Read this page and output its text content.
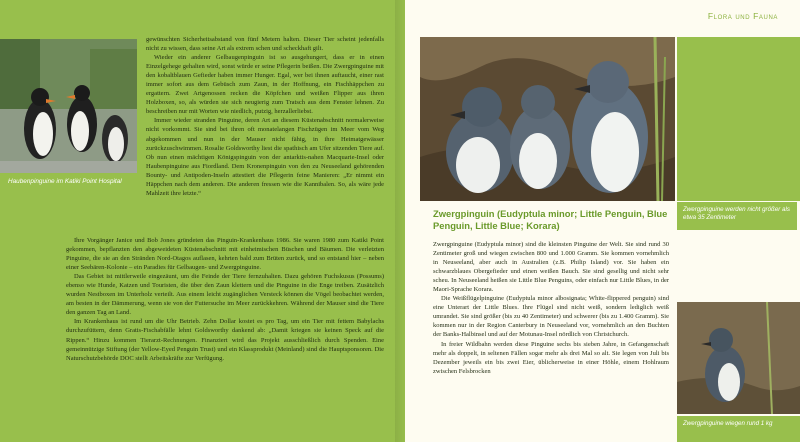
Haubenpinguine im Katiki Point Hospital

gewünschten Sicherheitsabstand von fünf Metern halten. Dieser Tier scheint jedenfalls nicht zu wissen, dass seine Art als extrem schen und scheckhaft gilt.

Wieder ein anderer Gelbaugenpinguin ist so ausgehungert, dass er in einen Einzelgehege gehalten wird, sonst würde er seine Pflegerin beißen. Die Zwergpinguine mit den kobaltblauen Gefieder haben immer Hunger. Egal, wer bei ihnen auftaucht, einer rast immer sofort aus dem Gebüsch zum Zaun, in der Hoffnung, ein Fischhäppchen zu ergattern. Zwei Artgenossen recken die Köpfchen und weißen Flipper aus ihren Holzboxen, so, als würden sie sich neugierig zum Tratsch aus dem Fenster lehnen. Zu beschreiben nur mit Worten wie niedlich, putzig, herzallerliebst.

Immer wieder stranden Pinguine, deren Art an diesem Küstenabschnitt normalerweise nicht vorkommt. Sie sind bei ihren oft monatelangen Fischzügen im Meer vom Weg abgekommen und nun in der Mauser nicht fähig, in ihre Heimatgewässer zurückzuschwimmen. Rosalie Goldsworthy liest die spathisch am Ufer sitzenden Tiere auf. Ob nun einen mächtigen Königspinguin von der antarktis-nahen Macquarie-Insel oder Haubenpinguine aus Fiordland. Dem Kronenpinguin von den zu Neuseeland gehörenden Bounty- und Antipoden-Inseln attestiert die Pflegerin feine Manieren: „Er nimmt ein Häppchen nach dem anderen. Die anderen fressen wie die Kannibalen. So, als wäre jede Mahlzeit ihre letzte.“

Ihre Vorgänger Janice und Bob Jones gründeten das Pinguin-Krankenhaus 1986. Sie waren 1980 zum Katiki Point gekommen, bepflanzten den abgeweideten Küstenabschnitt mit einheimischen Büschen und Bäumen. Die verletzten Pinguine, die sie an den Stränden Nord-Otagos auflasen, kehrten bald zum Brüten zurück, und so entstand hier – neben einer Seebären-Kolonie – ein Paradies für Gelbaugen- und Zwergpinguine.

Das Gebiet ist mittlerweile eingezäunt, um die Feinde der Tiere fernzuhalten. Dazu gehören Fuchskusus (Possums) ebenso wie Hunde, Katzen und Touristen, die über den Zaun klettern und die Pinguine in die Enge treiben. Zusätzlich wurden Nestboxen im Unterholz verteilt. Aus einem leicht zugänglichen Versteck können die Vögel beobachtet werden, am besten in der Dämmerung, wenn sie von der Futtersuche im Meer zurückkehren. Während der Mauser sind die Tiere den ganzen Tag an Land.

Im Krankenhaus ist rund um die Uhr Betrieb. Zehn Dollar kostet es pro Tag, um ein Tier mit fettem Babylachs durchzufüttern, denn Gratis-Fischabfälle lehnt Goldsworthy dankend ab: „Damit kriegen sie keinen Speck auf die Rippen.“ Hinzu kommen Tierarzt-Rechnungen. Finanziert wird das Projekt ausschließlich durch Spenden. Eine gemeinnützige Stiftung (der Yellow-Eyed Penguin Trust) und ein Klassprodukt (Meinland) sind die Hauptsponsoren. Die Naturschutzbehörde DOC stellt Arbeitskräfte zur Verfügung.

Flora und Fauna
Zwergpinguine werden nicht größer als etwa 35 Zentimeter
Zwergpinguin (Eudyptula minor; Little Penguin, Blue Penguin, Little Blue; Korara)

Zwergpinguine (Eudyptula minor) sind die kleinsten Pinguine der Welt. Sie sind rund 30 Zentimeter groß und wiegen zwischen 800 und 1.000 Gramm. Sie kommen vornehmlich in Neuseeland, aber auch in Australien (z.B. Philip Island) vor. Sie haben ein schwarzblaues Obergefieder und einen weißen Bauch. Sie sind gesellig und nicht sehr scheu. In Neuseeland heißen sie Little Blue Penguins, oder einfach nur Little Blues, in der Maori-Sprache Korara.

Die Weißflügelpinguine (Eudyptula minor albosignata; White-flippered penguin) sind eine Unterart der Little Blues. Ihre Flügel sind nicht weiß, sondern lediglich weiß umrandet. Sie sind größer (bis zu 40 Zentimeter) und schwerer (bis zu 1.400 Gramm). Sie kommen nur in der Region Canterbury in Neuseeland vor, vornehmlich an den Buchten der Banks-Halbinsel und auf der Motunau-Insel nördlich von Christchurch.

In freier Wildbahn werden diese Pinguine sechs bis sieben Jahre, in Gefangenschaft mehr als doppelt, in seltenen Fällen sogar mehr als drei Mal so alt. Sie legen von Juli bis Dezember jeweils ein bis zwei Eier, üblicherweise in einer Höhle, einem Hohlraum zwischen Felsbrocken

Zwergpinguine wiegen rund 1 kg
